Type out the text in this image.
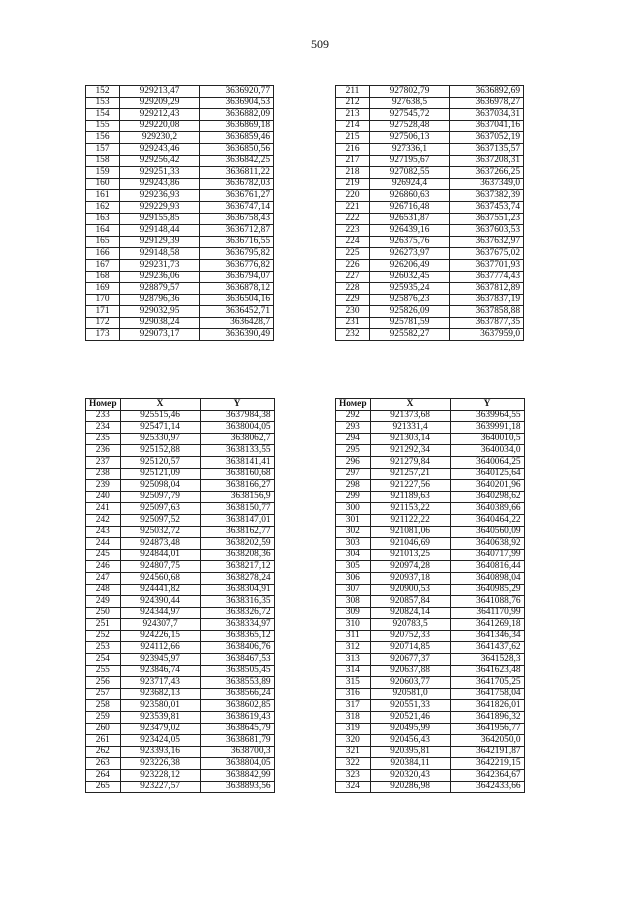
509
152	929213,47	3636920,77
153	929209,29	3636904,53
154	929212,43	3636882,09
155	929220,08	3636869,18
156	929230,2	3636859,46
157	929243,46	3636850,56
158	929256,42	3636842,25
159	929251,33	3636811,22
160	929243,86	3636782,03
161	929236,93	3636761,27
162	929229,93	3636747,14
163	929155,85	3636758,43
164	929148,44	3636712,87
165	929129,39	3636716,55
166	929148,58	3636795,82
167	929231,73	3636776,82
168	929236,06	3636794,07
169	928879,57	3636878,12
170	928796,36	3636504,16
171	929032,95	3636452,71
172	929038,24	3636428,7
173	929073,17	3636390,49
211	927802,79	3636892,69
212	927638,5	3636978,27
213	927545,72	3637034,31
214	927528,48	3637041,16
215	927506,13	3637052,19
216	927336,1	3637135,57
217	927195,67	3637208,31
218	927082,55	3637266,25
219	926924,4	3637349,0
220	926860,63	3637382,39
221	926716,48	3637453,74
222	926531,87	3637551,23
223	926439,16	3637603,53
224	926375,76	3637632,97
225	926273,97	3637675,02
226	926206,49	3637701,93
227	926032,45	3637774,43
228	925935,24	3637812,89
229	925876,23	3637837,19
230	925826,09	3637858,88
231	925781,59	3637877,35
232	925582,27	3637959,0
Номер	X	Y
233	925515,46	3637984,38
234	925471,14	3638004,05
235	925330,97	3638062,7
236	925152,88	3638133,55
237	925120,57	3638141,41
238	925121,09	3638160,68
239	925098,04	3638166,27
240	925097,79	3638156,9
241	925097,63	3638150,77
242	925097,52	3638147,01
243	925032,72	3638162,77
244	924873,48	3638202,59
245	924844,01	3638208,36
246	924807,75	3638217,12
247	924560,68	3638278,24
248	924441,82	3638304,91
249	924390,44	3638316,35
250	924344,97	3638326,72
251	924307,7	3638334,97
252	924226,15	3638365,12
253	924112,66	3638406,76
254	923945,97	3638467,53
255	923846,74	3638505,45
256	923717,43	3638553,89
257	923682,13	3638566,24
258	923580,01	3638602,85
259	923539,81	3638619,43
260	923479,02	3638645,79
261	923424,05	3638681,79
262	923393,16	3638700,3
263	923226,38	3638804,05
264	923228,12	3638842,99
265	923227,57	3638893,56
Номер	X	Y
292	921373,68	3639964,55
293	921331,4	3639991,18
294	921303,14	3640010,5
295	921292,34	3640034,0
296	921279,84	3640064,25
297	921257,21	3640125,64
298	921227,56	3640201,96
299	921189,63	3640298,62
300	921153,22	3640389,66
301	921122,22	3640464,22
302	921081,06	3640560,09
303	921046,69	3640638,92
304	921013,25	3640717,99
305	920974,28	3640816,44
306	920937,18	3640898,04
307	920900,53	3640985,29
308	920857,84	3641088,76
309	920824,14	3641170,99
310	920783,5	3641269,18
311	920752,33	3641346,34
312	920714,85	3641437,62
313	920677,37	3641528,3
314	920637,88	3641623,48
315	920603,77	3641705,25
316	920581,0	3641758,04
317	920551,33	3641826,01
318	920521,46	3641896,32
319	920495,99	3641956,77
320	920456,43	3642050,0
321	920395,81	3642191,87
322	920384,11	3642219,15
323	920320,43	3642364,67
324	920286,98	3642433,66
